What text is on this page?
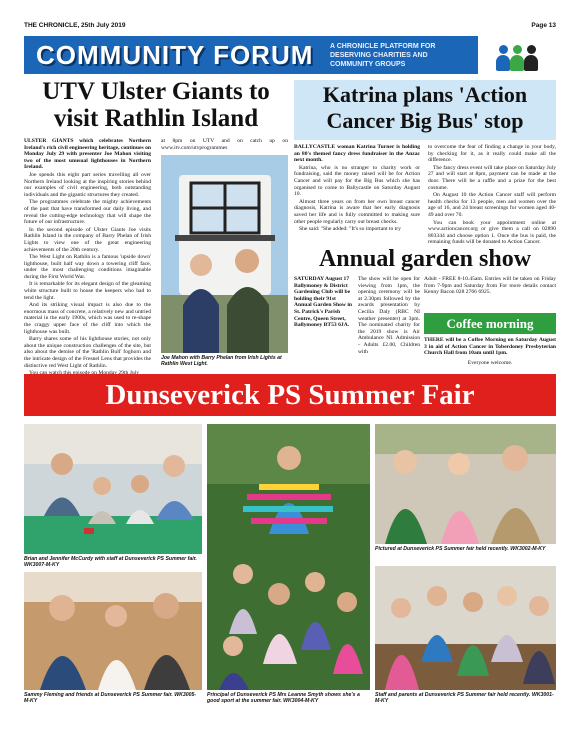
THE CHRONICLE, 25th July 2019	Page 13
COMMUNITY FORUM	A CHRONICLE PLATFORM FOR DESERVING CHARITIES AND COMMUNITY GROUPS
UTV Ulster Giants to visit Rathlin Island

ULSTER GIANTS which celebrates Northern Ireland's rich civil engineering heritage, continues on Monday July 29 with presenter Joe Mahon visiting two of the most unusual lighthouses in Northern Ireland.

Joe spends this eight part series travelling all over Northern Ireland looking at the inspiring stories behind our examples of civil engineering, both outstanding individuals and the gigantic structures they created.

The programmes celebrate the mighty achievements of the past that have transformed our daily living, and reveal the cutting-edge technology that will shape the future of our infrastructure.

In the second episode of Ulster Giants Joe visits Rathlin Island in the company of Barry Phelan of Irish Lights to view one of the great engineering achievements of the 20th century.

The West Light on Rathlin is a famous 'upside down' lighthouse, built half way down a towering cliff face, under the most challenging conditions imaginable during the First World War.

It is remarkable for its elegant design of the gleaming white structure built to house the keepers who had to tend the light.

And its striking visual impact is also due to the enormous mass of concrete, a relatively new and untried material in the early 1900s, which was used to re-shape the craggy upper face of the cliff into which the lighthouse was built.

Barry shares some of his lighthouse stories, not only about the unique construction challenges of the site, but also about the demise of the 'Rathlin Bull' foghorn and the intricate design of the Fresnel Lens that provides the distinctive red West Light of Rathlin.

at 8pm on UTV and on catch up on www.itv.com/utvprogrammes

Joe Mahon with Barry Phelan from Irish Lights at Rathlin West Light.
Katrina plans 'Action Cancer Big Bus' stop

BALLYCASTLE woman Katrina Turner is holding an 80's themed fancy dress fundraiser in the Anzac next month.

Katrina, who is no stranger to charity work or fundraising, said the money raised will be for Action Cancer and will pay for the Big Bus which she has organised to come to Ballycastle on Saturday August 10.

Almost three years on from her own breast cancer diagnosis, Katrina is aware that her early diagnosis saved her life and is fully committed to making sure other people regularly carry out breast checks.

She said: "She added: "It's so important to try

to overcome the fear of finding a change in your body, by checking for it, as it really could make all the difference.

The fancy dress event will take place on Saturday July 27 and will start at 8pm, payment can be made at the door. There will be a raffle and a prize for the best costume.

On August 10 the Action Cancer staff will perform health checks for 13 people, men and women over the age of 16, and 24 breast screenings for women aged 40-49 and over 70.

You can book your appointment online at www.actioncancer.org or give them a call on 02890 803344 and choose option 1. Once the bus is paid, the remaining funds will be donated to Action Cancer.

Annual garden show
SATURDAY August 17 Ballymoney & District Gardening Club will be holding their 91st Annual Garden Show in St. Patrick's Parish Centre, Queen Street, Ballymoney BT53 6JA.
The show will be open for viewing from 1pm, the opening ceremony will be at 2.30pm followed by the awards presentation by Cecilia Daly (RBC NI weather presenter) at 3pm. The nominated charity for the 2019 show is Air Ambulance NI. Admission - Adults £2.00, Children with
Adult - FREE 8-10.45am. Entries will be taken on Friday from 7-9pm and Saturday from For more details contact Kenny Bacon 028 2766 6925.
Coffee morning
THERE will be a Coffee Morning on Saturday August 3 in aid of Action Cancer in Toberdoney Presbyterian Church Hall from 10am until 1pm.
Everyone welcome.
Dunseverick PS Summer Fair
Brian and Jennifer McCurdy with staff at Dunseverick PS Summer fair. WK3007-M-KY
Principal of Dunseverick PS Mrs Leanne Smyth shows she's a good sport at the summer fair. WK3004-M-KY
Pictured at Dunseverick PS Summer fair held recently. WK3002-M-KY
Sammy Fleming and friends at Dunseverick PS Summer fair. WK3005-M-KY
Staff and parents at Dunseverick PS Summer fair held recently. WK3001-M-KY
